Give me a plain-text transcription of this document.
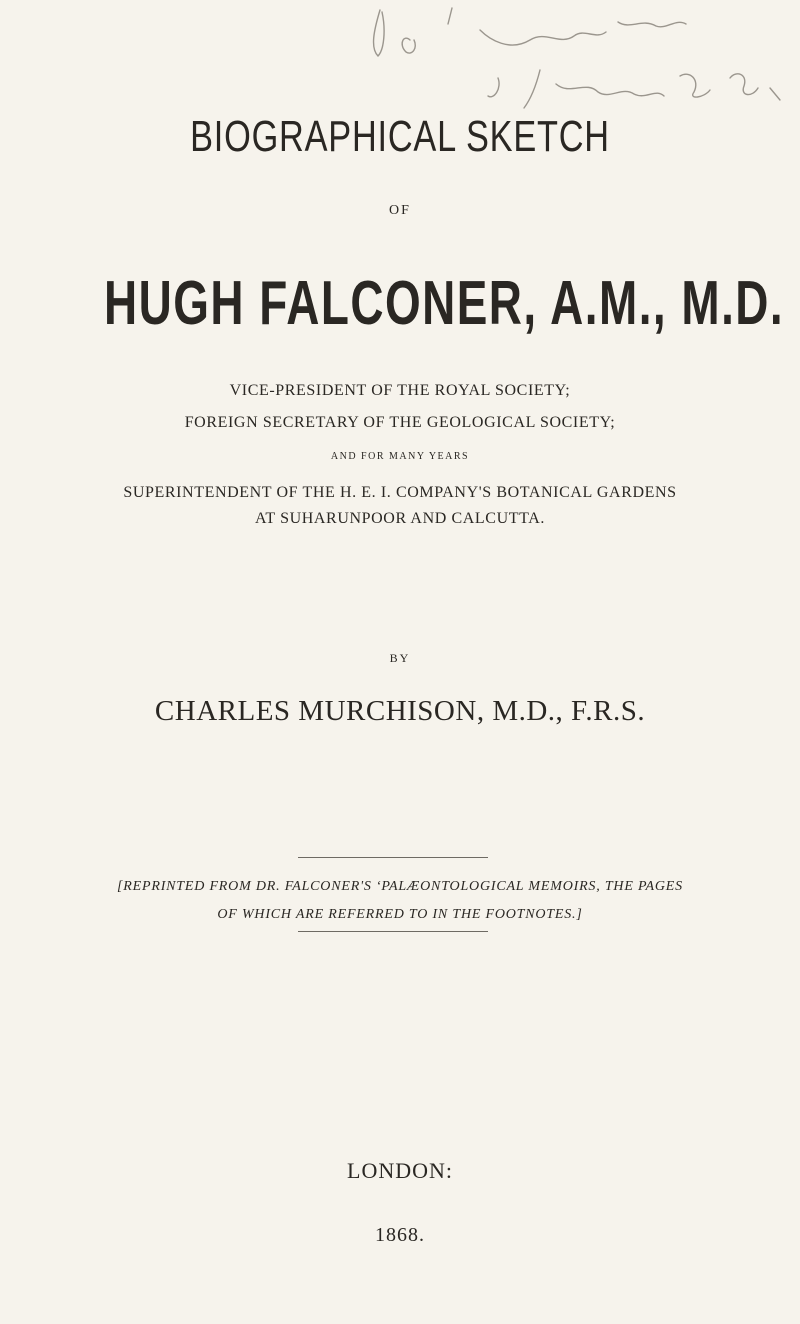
BIOGRAPHICAL SKETCH
OF
HUGH FALCONER, A.M., M.D.
VICE-PRESIDENT OF THE ROYAL SOCIETY;
FOREIGN SECRETARY OF THE GEOLOGICAL SOCIETY;
AND FOR MANY YEARS
SUPERINTENDENT OF THE H. E. I. COMPANY'S BOTANICAL GARDENS
AT SUHARUNPOOR AND CALCUTTA.
BY
CHARLES MURCHISON, M.D., F.R.S.
[REPRINTED FROM DR. FALCONER'S ‘PALÆONTOLOGICAL MEMOIRS, THE PAGES
OF WHICH ARE REFERRED TO IN THE FOOTNOTES.]
LONDON:
1868.
